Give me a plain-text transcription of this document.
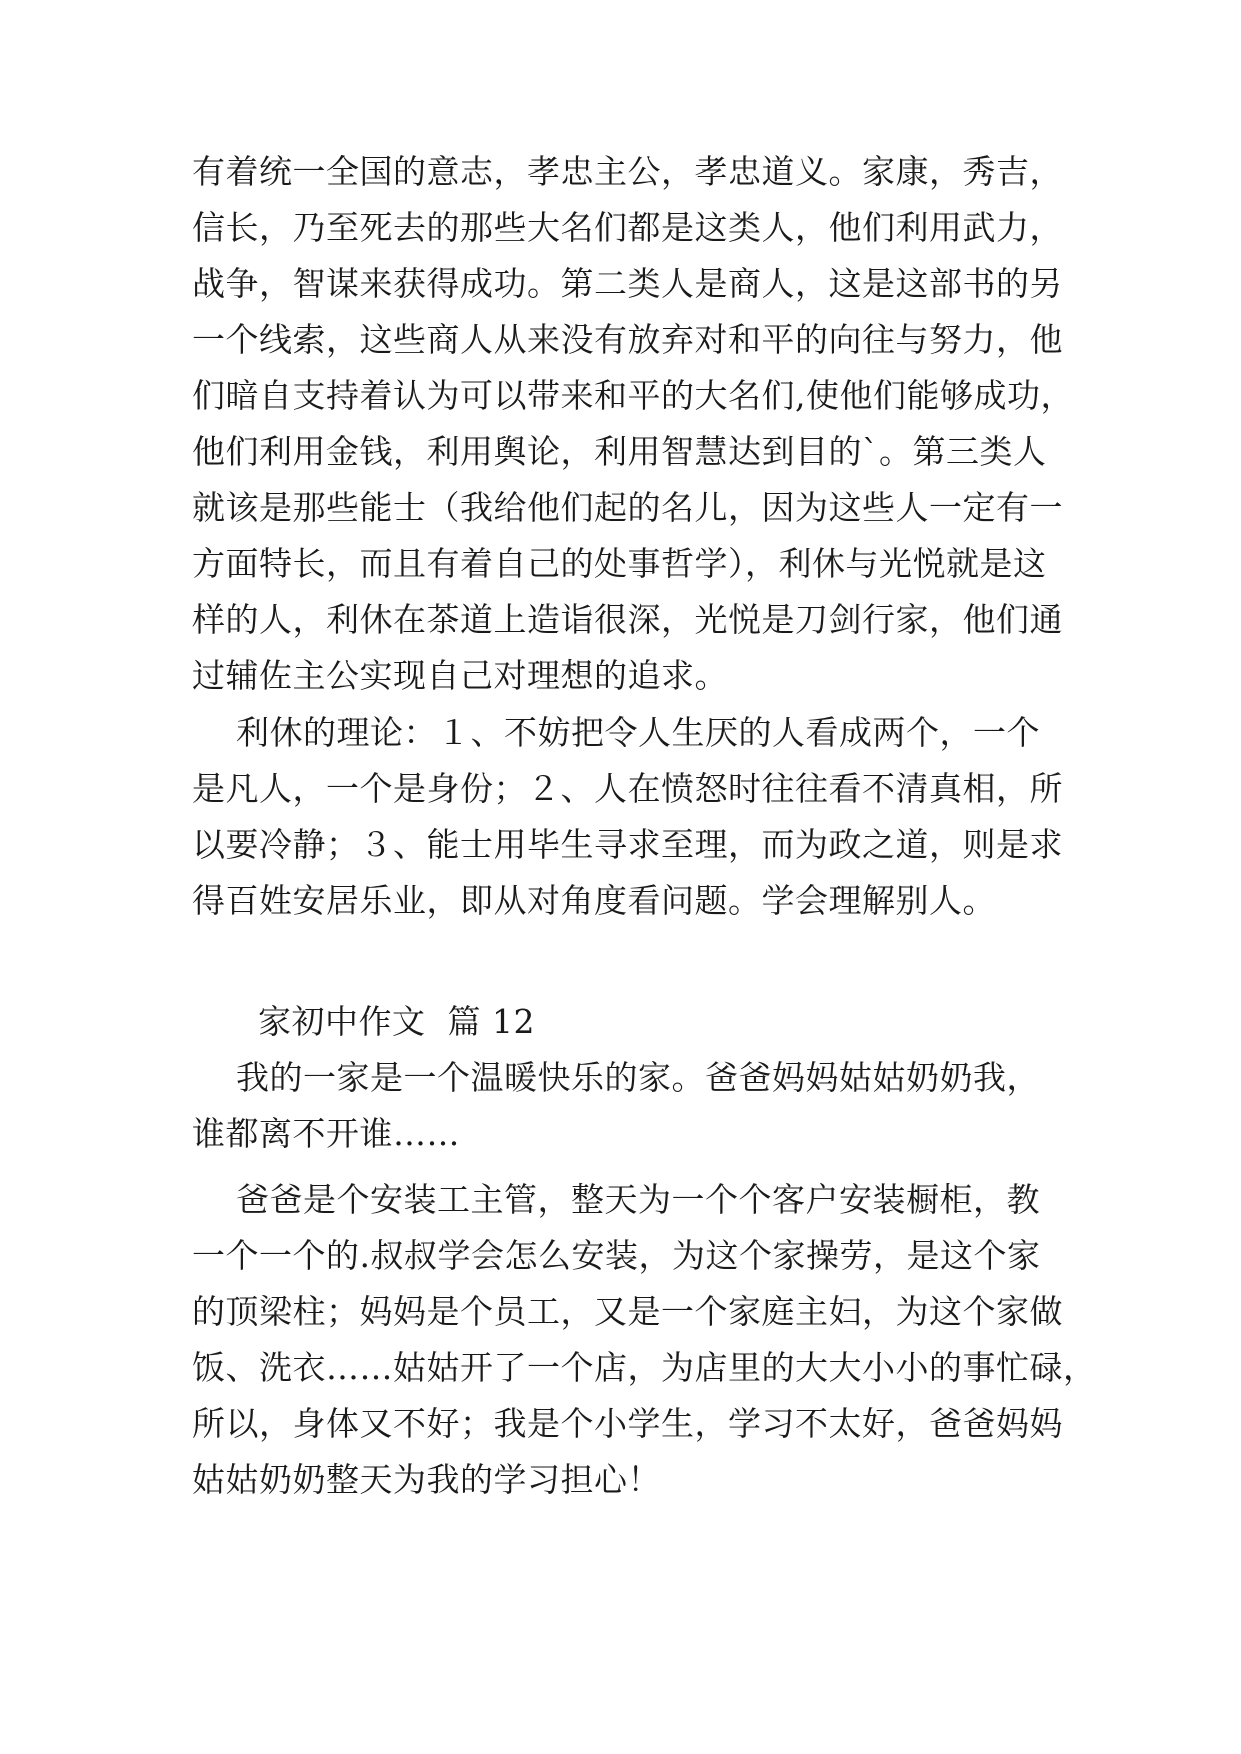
有着统一全国的意志，孝忠主公，孝忠道义。家康，秀吉，
信长，乃至死去的那些大名们都是这类人，他们利用武力，
战争，智谋来获得成功。第二类人是商人，这是这部书的另
一个线索，这些商人从来没有放弃对和平的向往与努力，他
们暗自支持着认为可以带来和平的大名们,使他们能够成功，
他们利用金钱，利用舆论，利用智慧达到目的`。第三类人
就该是那些能士（我给他们起的名儿，因为这些人一定有一
方面特长，而且有着自己的处事哲学），利休与光悦就是这
样的人，利休在茶道上造诣很深，光悦是刀剑行家，他们通
过辅佐主公实现自己对理想的追求。
利休的理论：１、不妨把令人生厌的人看成两个，一个
是凡人，一个是身份；２、人在愤怒时往往看不清真相，所
以要冷静；３、能士用毕生寻求至理，而为政之道，则是求
得百姓安居乐业，即从对角度看问题。学会理解别人。
家初中作文  篇 12
我的一家是一个温暖快乐的家。爸爸妈妈姑姑奶奶我，
谁都离不开谁……
爸爸是个安装工主管，整天为一个个客户安装橱柜，教
一个一个的.叔叔学会怎么安装，为这个家操劳，是这个家
的顶梁柱；妈妈是个员工，又是一个家庭主妇，为这个家做
饭、洗衣……姑姑开了一个店，为店里的大大小小的事忙碌，
所以，身体又不好；我是个小学生，学习不太好，爸爸妈妈
姑姑奶奶整天为我的学习担心！
